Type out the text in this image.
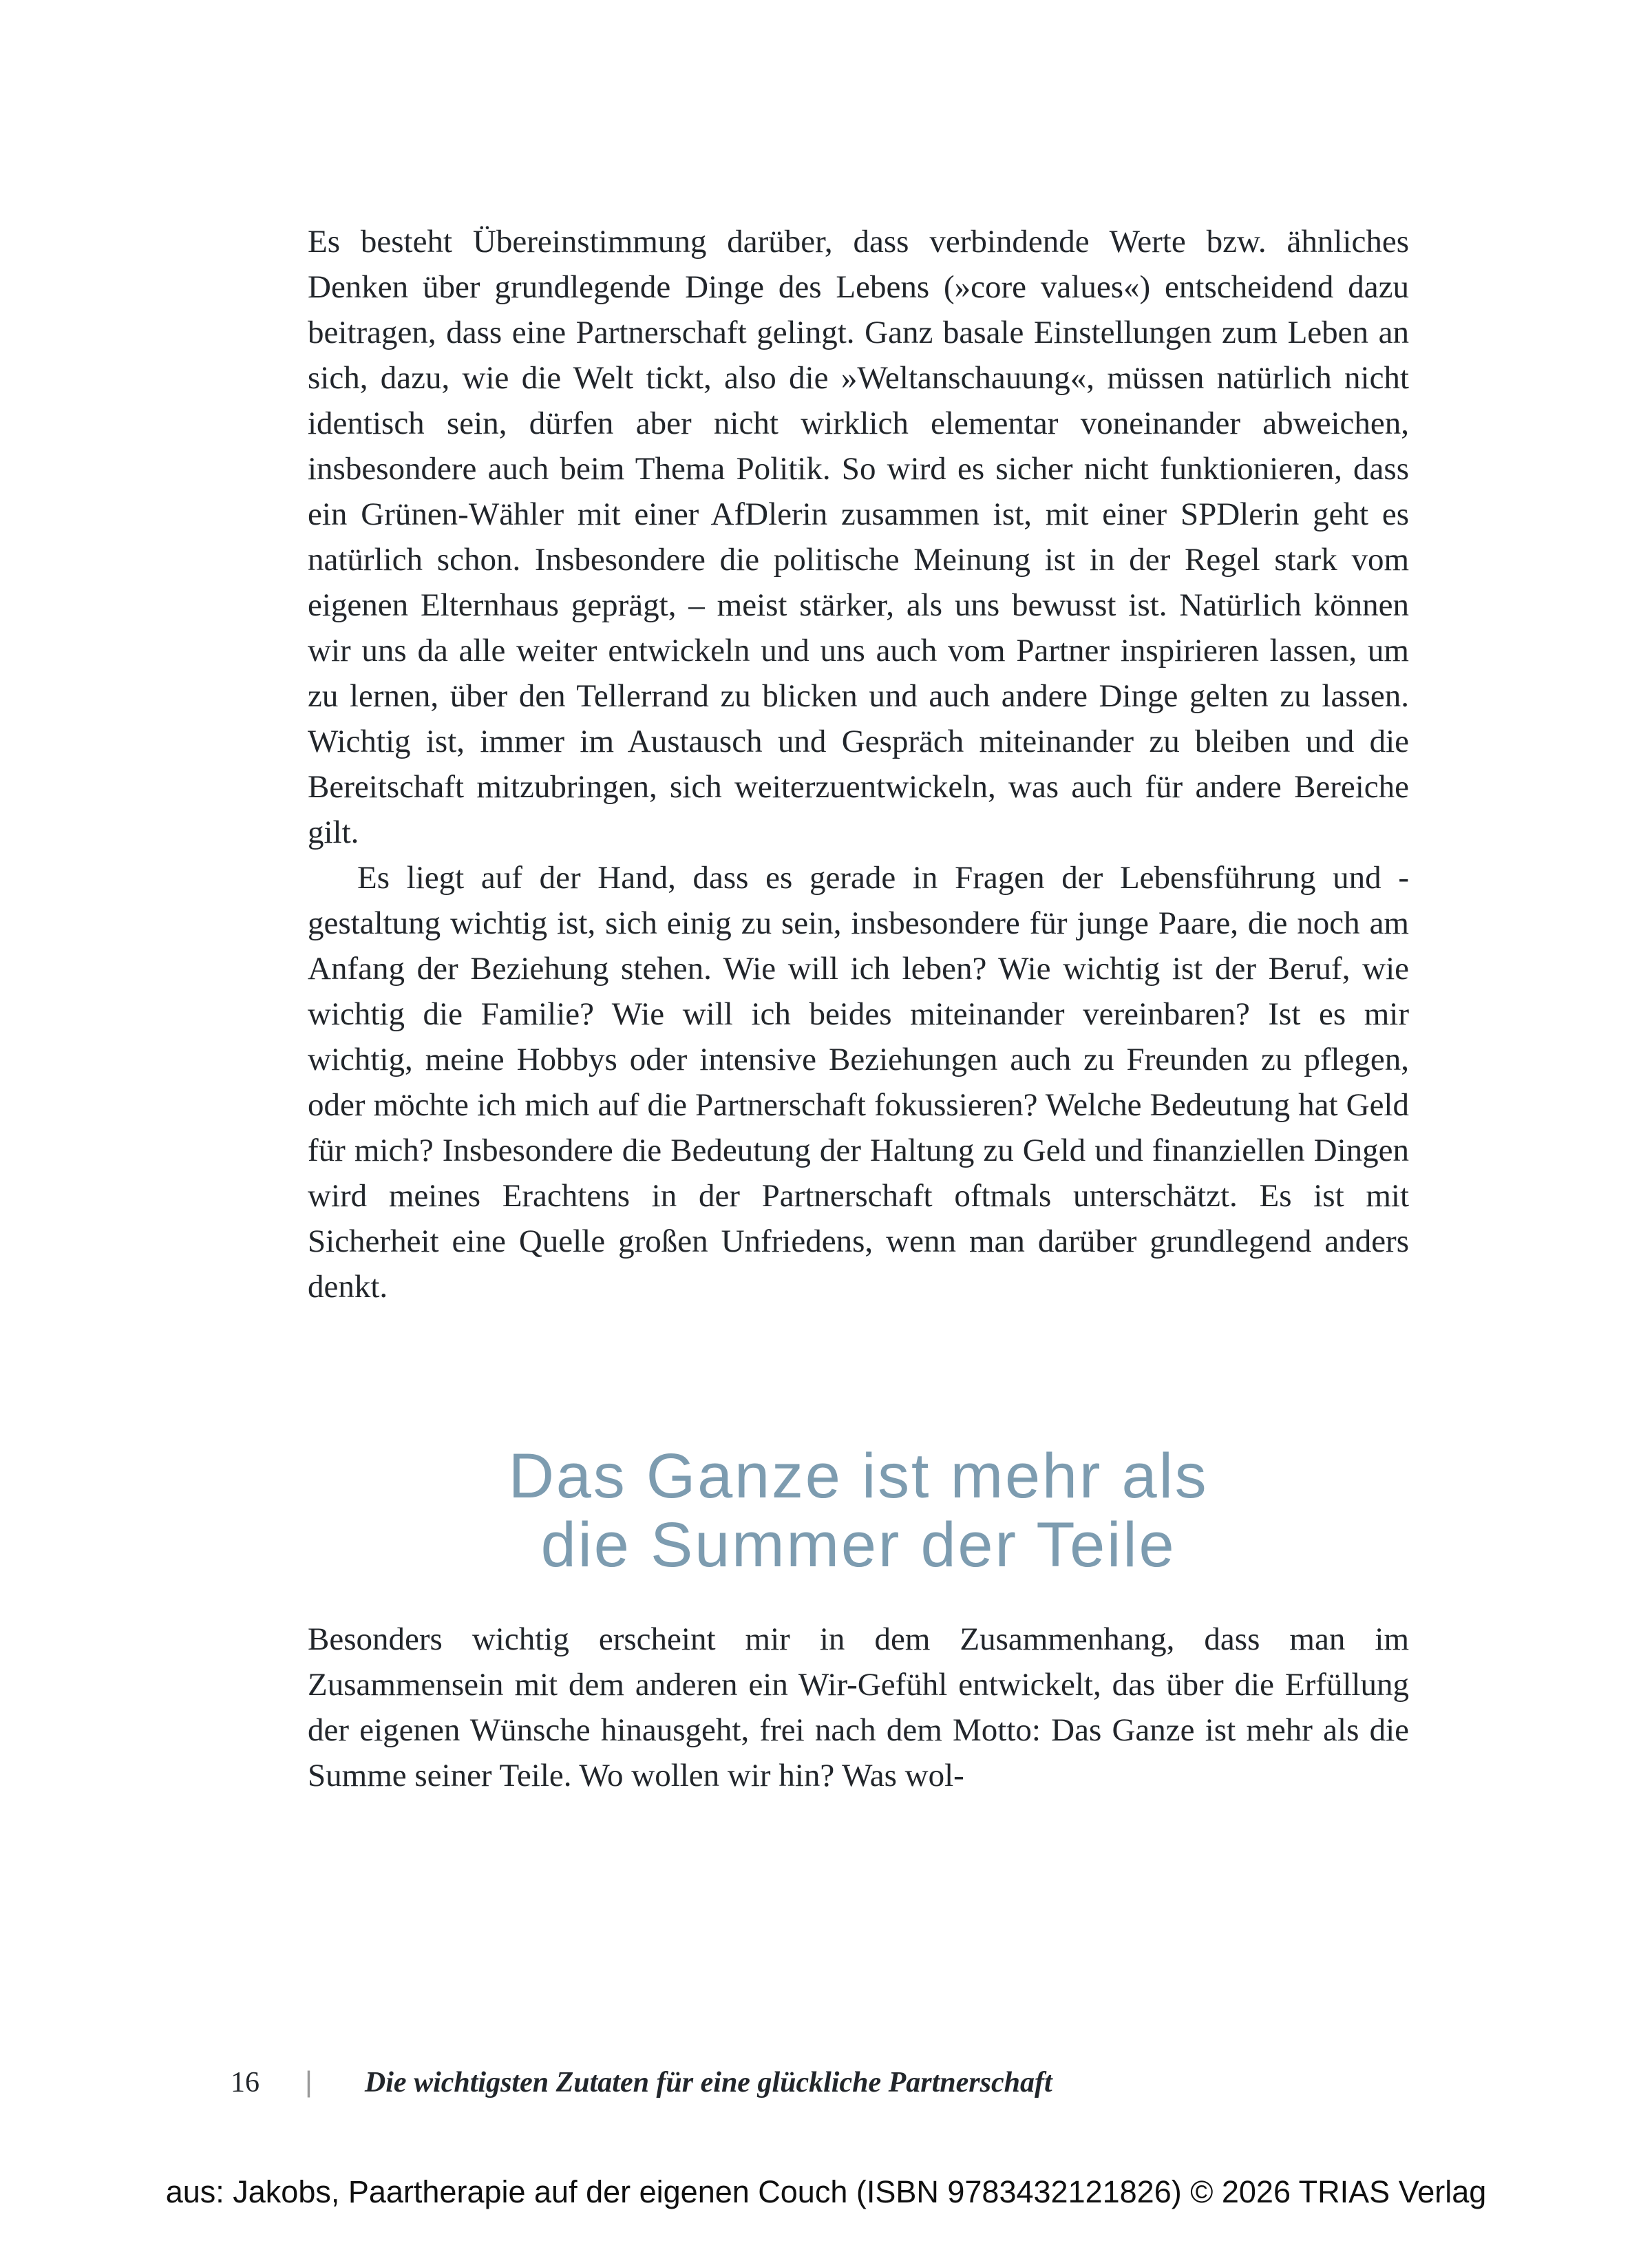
Es besteht Übereinstimmung darüber, dass verbindende Werte bzw. ähnliches Denken über grundlegende Dinge des Lebens (»core values«) entscheidend dazu beitragen, dass eine Partnerschaft gelingt. Ganz basale Einstellungen zum Leben an sich, dazu, wie die Welt tickt, also die »Weltanschauung«, müssen natürlich nicht identisch sein, dürfen aber nicht wirklich elementar voneinander abweichen, insbesondere auch beim Thema Politik. So wird es sicher nicht funktionieren, dass ein Grünen-Wähler mit einer AfDlerin zusammen ist, mit einer SPDlerin geht es natürlich schon. Insbesondere die politische Meinung ist in der Regel stark vom eigenen Elternhaus geprägt, – meist stärker, als uns bewusst ist. Natürlich können wir uns da alle weiter entwickeln und uns auch vom Partner inspirieren lassen, um zu lernen, über den Tellerrand zu blicken und auch andere Dinge gelten zu lassen. Wichtig ist, immer im Austausch und Gespräch miteinander zu bleiben und die Bereitschaft mitzubringen, sich weiterzuentwickeln, was auch für andere Bereiche gilt.

Es liegt auf der Hand, dass es gerade in Fragen der Lebensführung und -gestaltung wichtig ist, sich einig zu sein, insbesondere für junge Paare, die noch am Anfang der Beziehung stehen. Wie will ich leben? Wie wichtig ist der Beruf, wie wichtig die Familie? Wie will ich beides miteinander vereinbaren? Ist es mir wichtig, meine Hobbys oder intensive Beziehungen auch zu Freunden zu pflegen, oder möchte ich mich auf die Partnerschaft fokussieren? Welche Bedeutung hat Geld für mich? Insbesondere die Bedeutung der Haltung zu Geld und finanziellen Dingen wird meines Erachtens in der Partnerschaft oftmals unterschätzt. Es ist mit Sicherheit eine Quelle großen Unfriedens, wenn man darüber grundlegend anders denkt.

Das Ganze ist mehr als
die Summer der Teile

Besonders wichtig erscheint mir in dem Zusammenhang, dass man im Zusammensein mit dem anderen ein Wir-Gefühl entwickelt, das über die Erfüllung der eigenen Wünsche hinausgeht, frei nach dem Motto: Das Ganze ist mehr als die Summe seiner Teile. Wo wollen wir hin? Was wol-

16 | Die wichtigsten Zutaten für eine glückliche Partnerschaft
aus: Jakobs, Paartherapie auf der eigenen Couch (ISBN 9783432121826) © 2026 TRIAS Verlag
